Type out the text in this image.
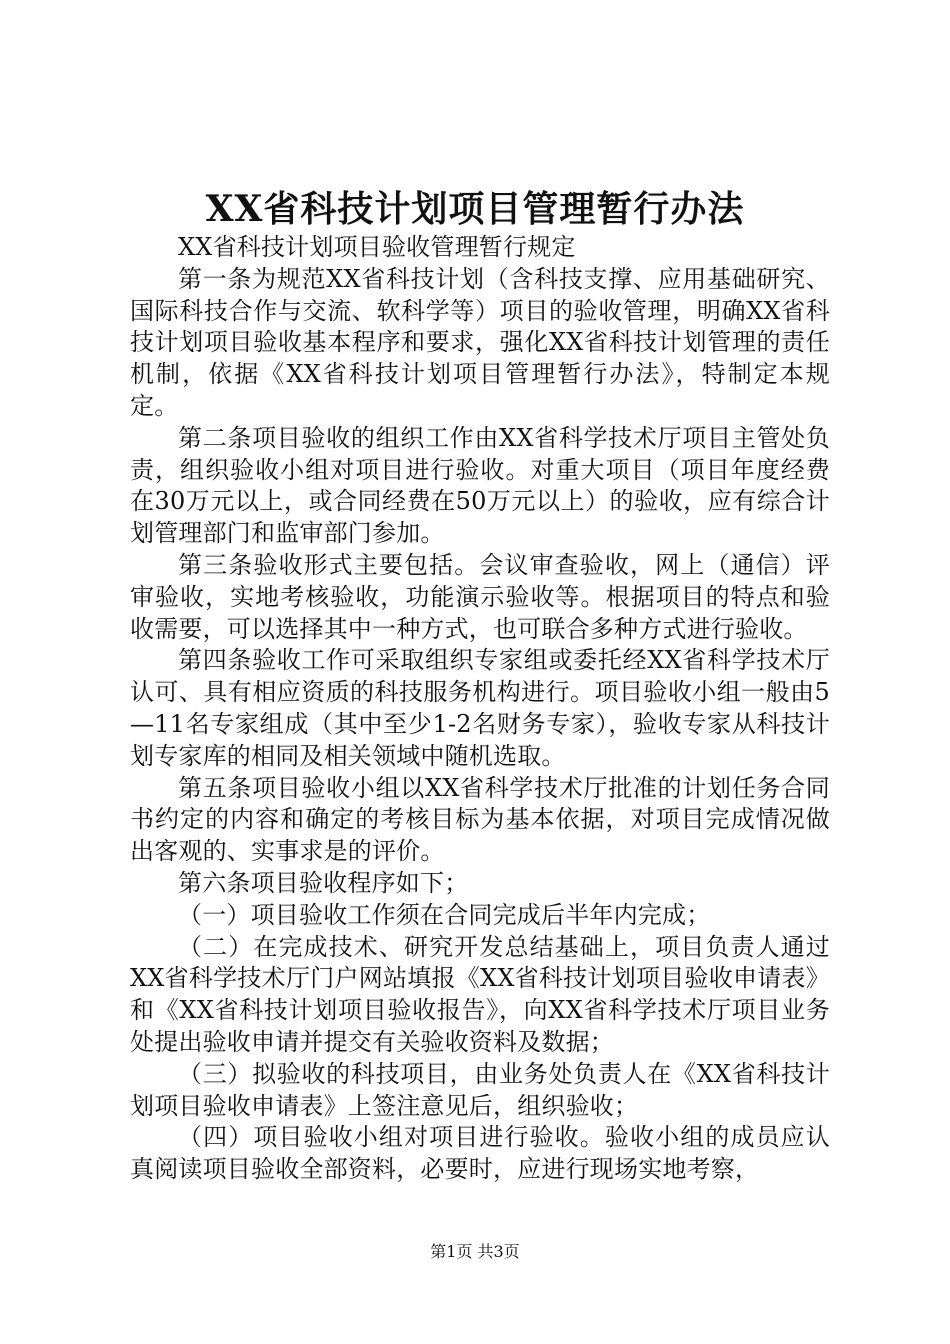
XX省科技计划项目管理暂行办法

XX省科技计划项目验收管理暂行规定

第一条为规范XX省科技计划（含科技支撑、应用基础研究、国际科技合作与交流、软科学等）项目的验收管理，明确XX省科技计划项目验收基本程序和要求，强化XX省科技计划管理的责任机制，依据《XX省科技计划项目管理暂行办法》，特制定本规定。

第二条项目验收的组织工作由XX省科学技术厅项目主管处负责，组织验收小组对项目进行验收。对重大项目（项目年度经费在30万元以上，或合同经费在50万元以上）的验收，应有综合计划管理部门和监审部门参加。

第三条验收形式主要包括。会议审查验收，网上（通信）评审验收，实地考核验收，功能演示验收等。根据项目的特点和验收需要，可以选择其中一种方式，也可联合多种方式进行验收。

第四条验收工作可采取组织专家组或委托经XX省科学技术厅认可、具有相应资质的科技服务机构进行。项目验收小组一般由5—11名专家组成（其中至少1-2名财务专家），验收专家从科技计划专家库的相同及相关领域中随机选取。

第五条项目验收小组以XX省科学技术厅批准的计划任务合同书约定的内容和确定的考核目标为基本依据，对项目完成情况做出客观的、实事求是的评价。

第六条项目验收程序如下；

（一）项目验收工作须在合同完成后半年内完成；

（二）在完成技术、研究开发总结基础上，项目负责人通过XX省科学技术厅门户网站填报《XX省科技计划项目验收申请表》和《XX省科技计划项目验收报告》，向XX省科学技术厅项目业务处提出验收申请并提交有关验收资料及数据；

（三）拟验收的科技项目，由业务处负责人在《XX省科技计划项目验收申请表》上签注意见后，组织验收；

（四）项目验收小组对项目进行验收。验收小组的成员应认真阅读项目验收全部资料，必要时，应进行现场实地考察，

第1页 共3页
